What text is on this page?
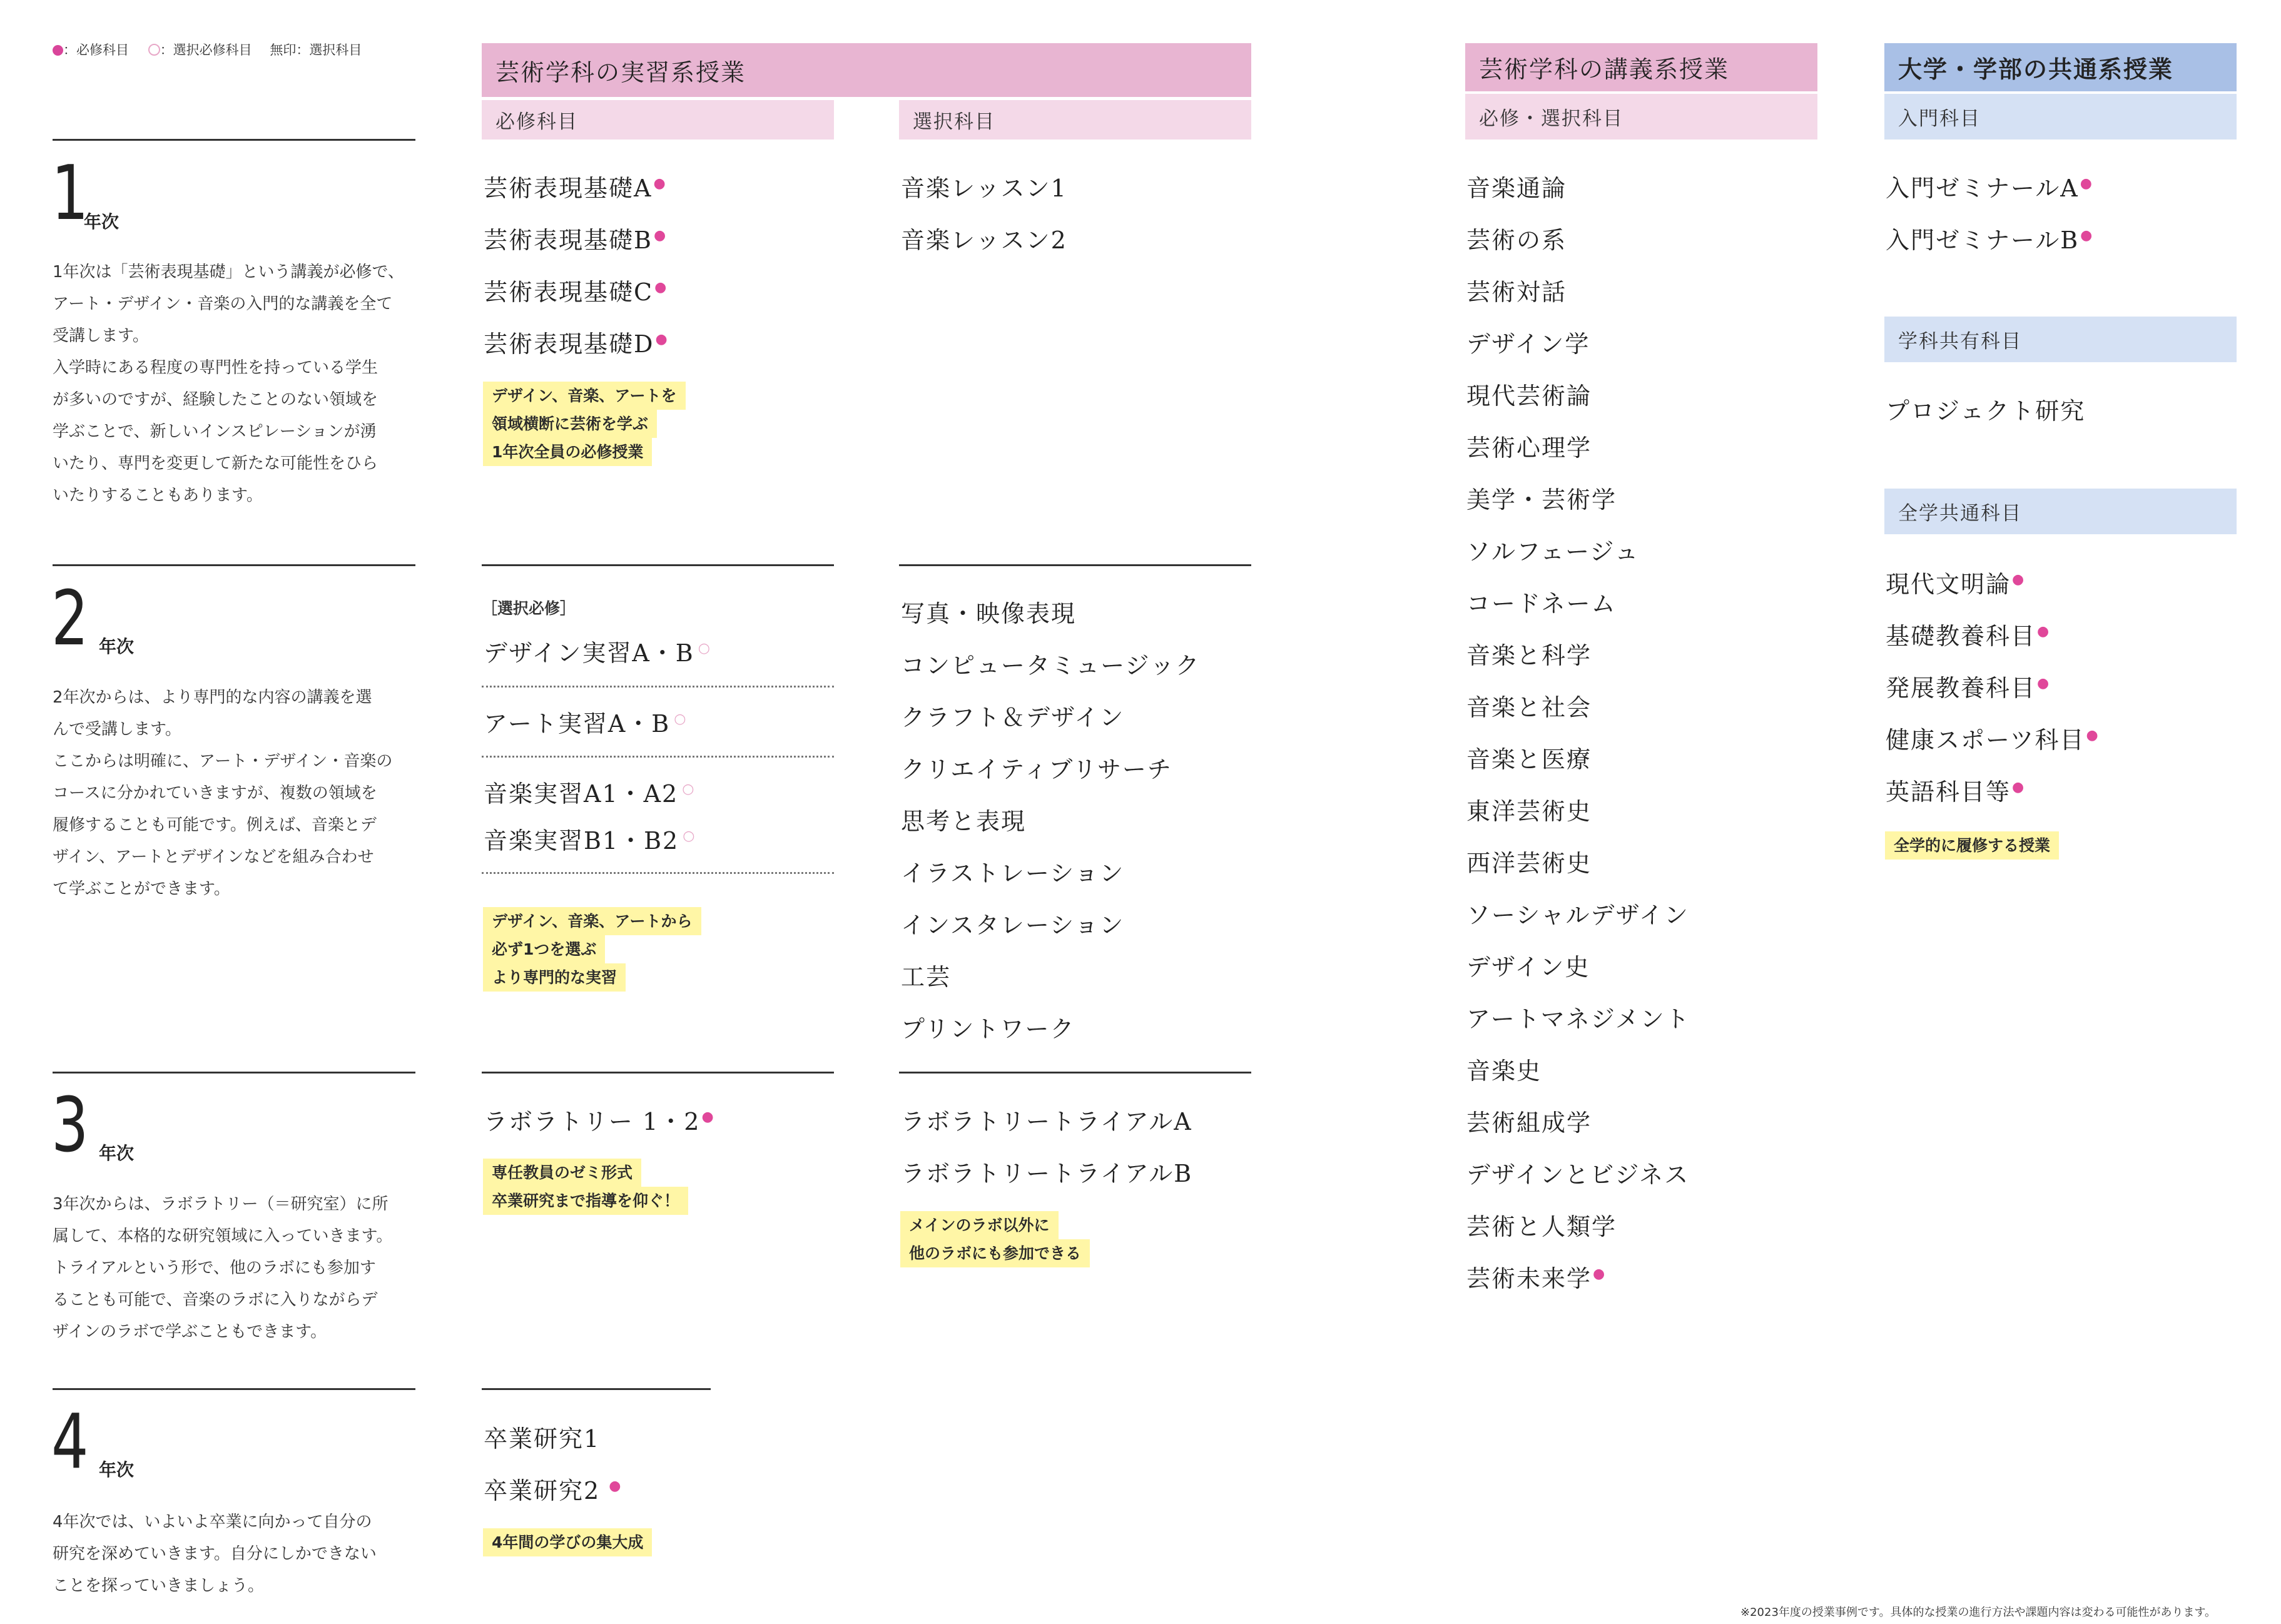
：必修科目 ：選択必修科目 無印：選択科目
芸術学科の実習系授業
必修科目	選択科目
芸術学科の講義系授業
必修・選択科目
大学・学部の共通系授業
入門科目
1
年次
1年次は「芸術表現基礎」という講義が必修で、
アート・デザイン・音楽の入門的な講義を全て
受講します。
入学時にある程度の専門性を持っている学生
が多いのですが、経験したことのない領域を
学ぶことで、新しいインスピレーションが湧
いたり、専門を変更して新たな可能性をひら
いたりすることもあります。
芸術表現基礎A●
芸術表現基礎B●
芸術表現基礎C●
芸術表現基礎D●
デザイン、音楽、アートを
領域横断に芸術を学ぶ
1年次全員の必修授業
音楽レッスン1
音楽レッスン2
2 年次
2年次からは、より専門的な内容の講義を選
んで受講します。
ここからは明確に、アート・デザイン・音楽の
コースに分かれていきますが、複数の領域を
履修することも可能です。例えば、音楽とデ
ザイン、アートとデザインなどを組み合わせ
て学ぶことができます。
［選択必修］
デザイン実習A・B ○
アート実習A・B ○
音楽実習A1・A2 ○
音楽実習B1・B2 ○
デザイン、音楽、アートから
必ず1つを選ぶ
より専門的な実習
写真・映像表現
コンピュータミュージック
クラフト＆デザイン
クリエイティブリサーチ
思考と表現
イラストレーション
インスタレーション
工芸
プリントワーク
3 年次
3年次からは、ラボラトリー（＝研究室）に所
属して、本格的な研究領域に入っていきます。
トライアルという形で、他のラボにも参加す
ることも可能で、音楽のラボに入りながらデ
ザインのラボで学ぶこともできます。
ラボラトリー 1・2●
専任教員のゼミ形式
卒業研究まで指導を仰ぐ！
ラボラトリートライアルA
ラボラトリートライアルB
メインのラボ以外に
他のラボにも参加できる
4 年次
4年次では、いよいよ卒業に向かって自分の
研究を深めていきます。自分にしかできない
ことを探っていきましょう。
卒業研究1
卒業研究2 ●
4年間の学びの集大成
音楽通論
芸術の系
芸術対話
デザイン学
現代芸術論
芸術心理学
美学・芸術学
ソルフェージュ
コードネーム
音楽と科学
音楽と社会
音楽と医療
東洋芸術史
西洋芸術史
ソーシャルデザイン
デザイン史
アートマネジメント
音楽史
芸術組成学
デザインとビジネス
芸術と人類学
芸術未来学●
入門ゼミナールA●
入門ゼミナールB●
学科共有科目
プロジェクト研究
全学共通科目
現代文明論●
基礎教養科目●
発展教養科目●
健康スポーツ科目●
英語科目等●
全学的に履修する授業
※2023年度の授業事例です。具体的な授業の進行方法や課題内容は変わる可能性があります。
